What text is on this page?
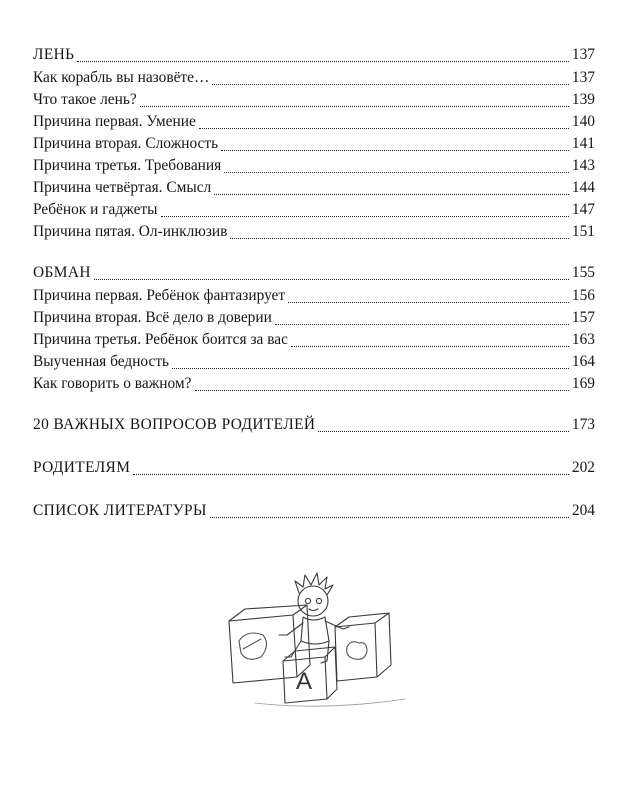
ЛЕНЬ	137
Как корабль вы назовёте…	137
Что такое лень?	139
Причина первая. Умение	140
Причина вторая. Сложность	141
Причина третья. Требования	143
Причина четвёртая. Смысл	144
Ребёнок и гаджеты	147
Причина пятая. Ол-инклюзив	151
ОБМАН	155
Причина первая. Ребёнок фантазирует	156
Причина вторая. Всё дело в доверии	157
Причина третья. Ребёнок боится за вас	163
Выученная бедность	164
Как говорить о важном?	169
20 ВАЖНЫХ ВОПРОСОВ РОДИТЕЛЕЙ	173
РОДИТЕЛЯМ	202
СПИСОК ЛИТЕРАТУРЫ	204
А
